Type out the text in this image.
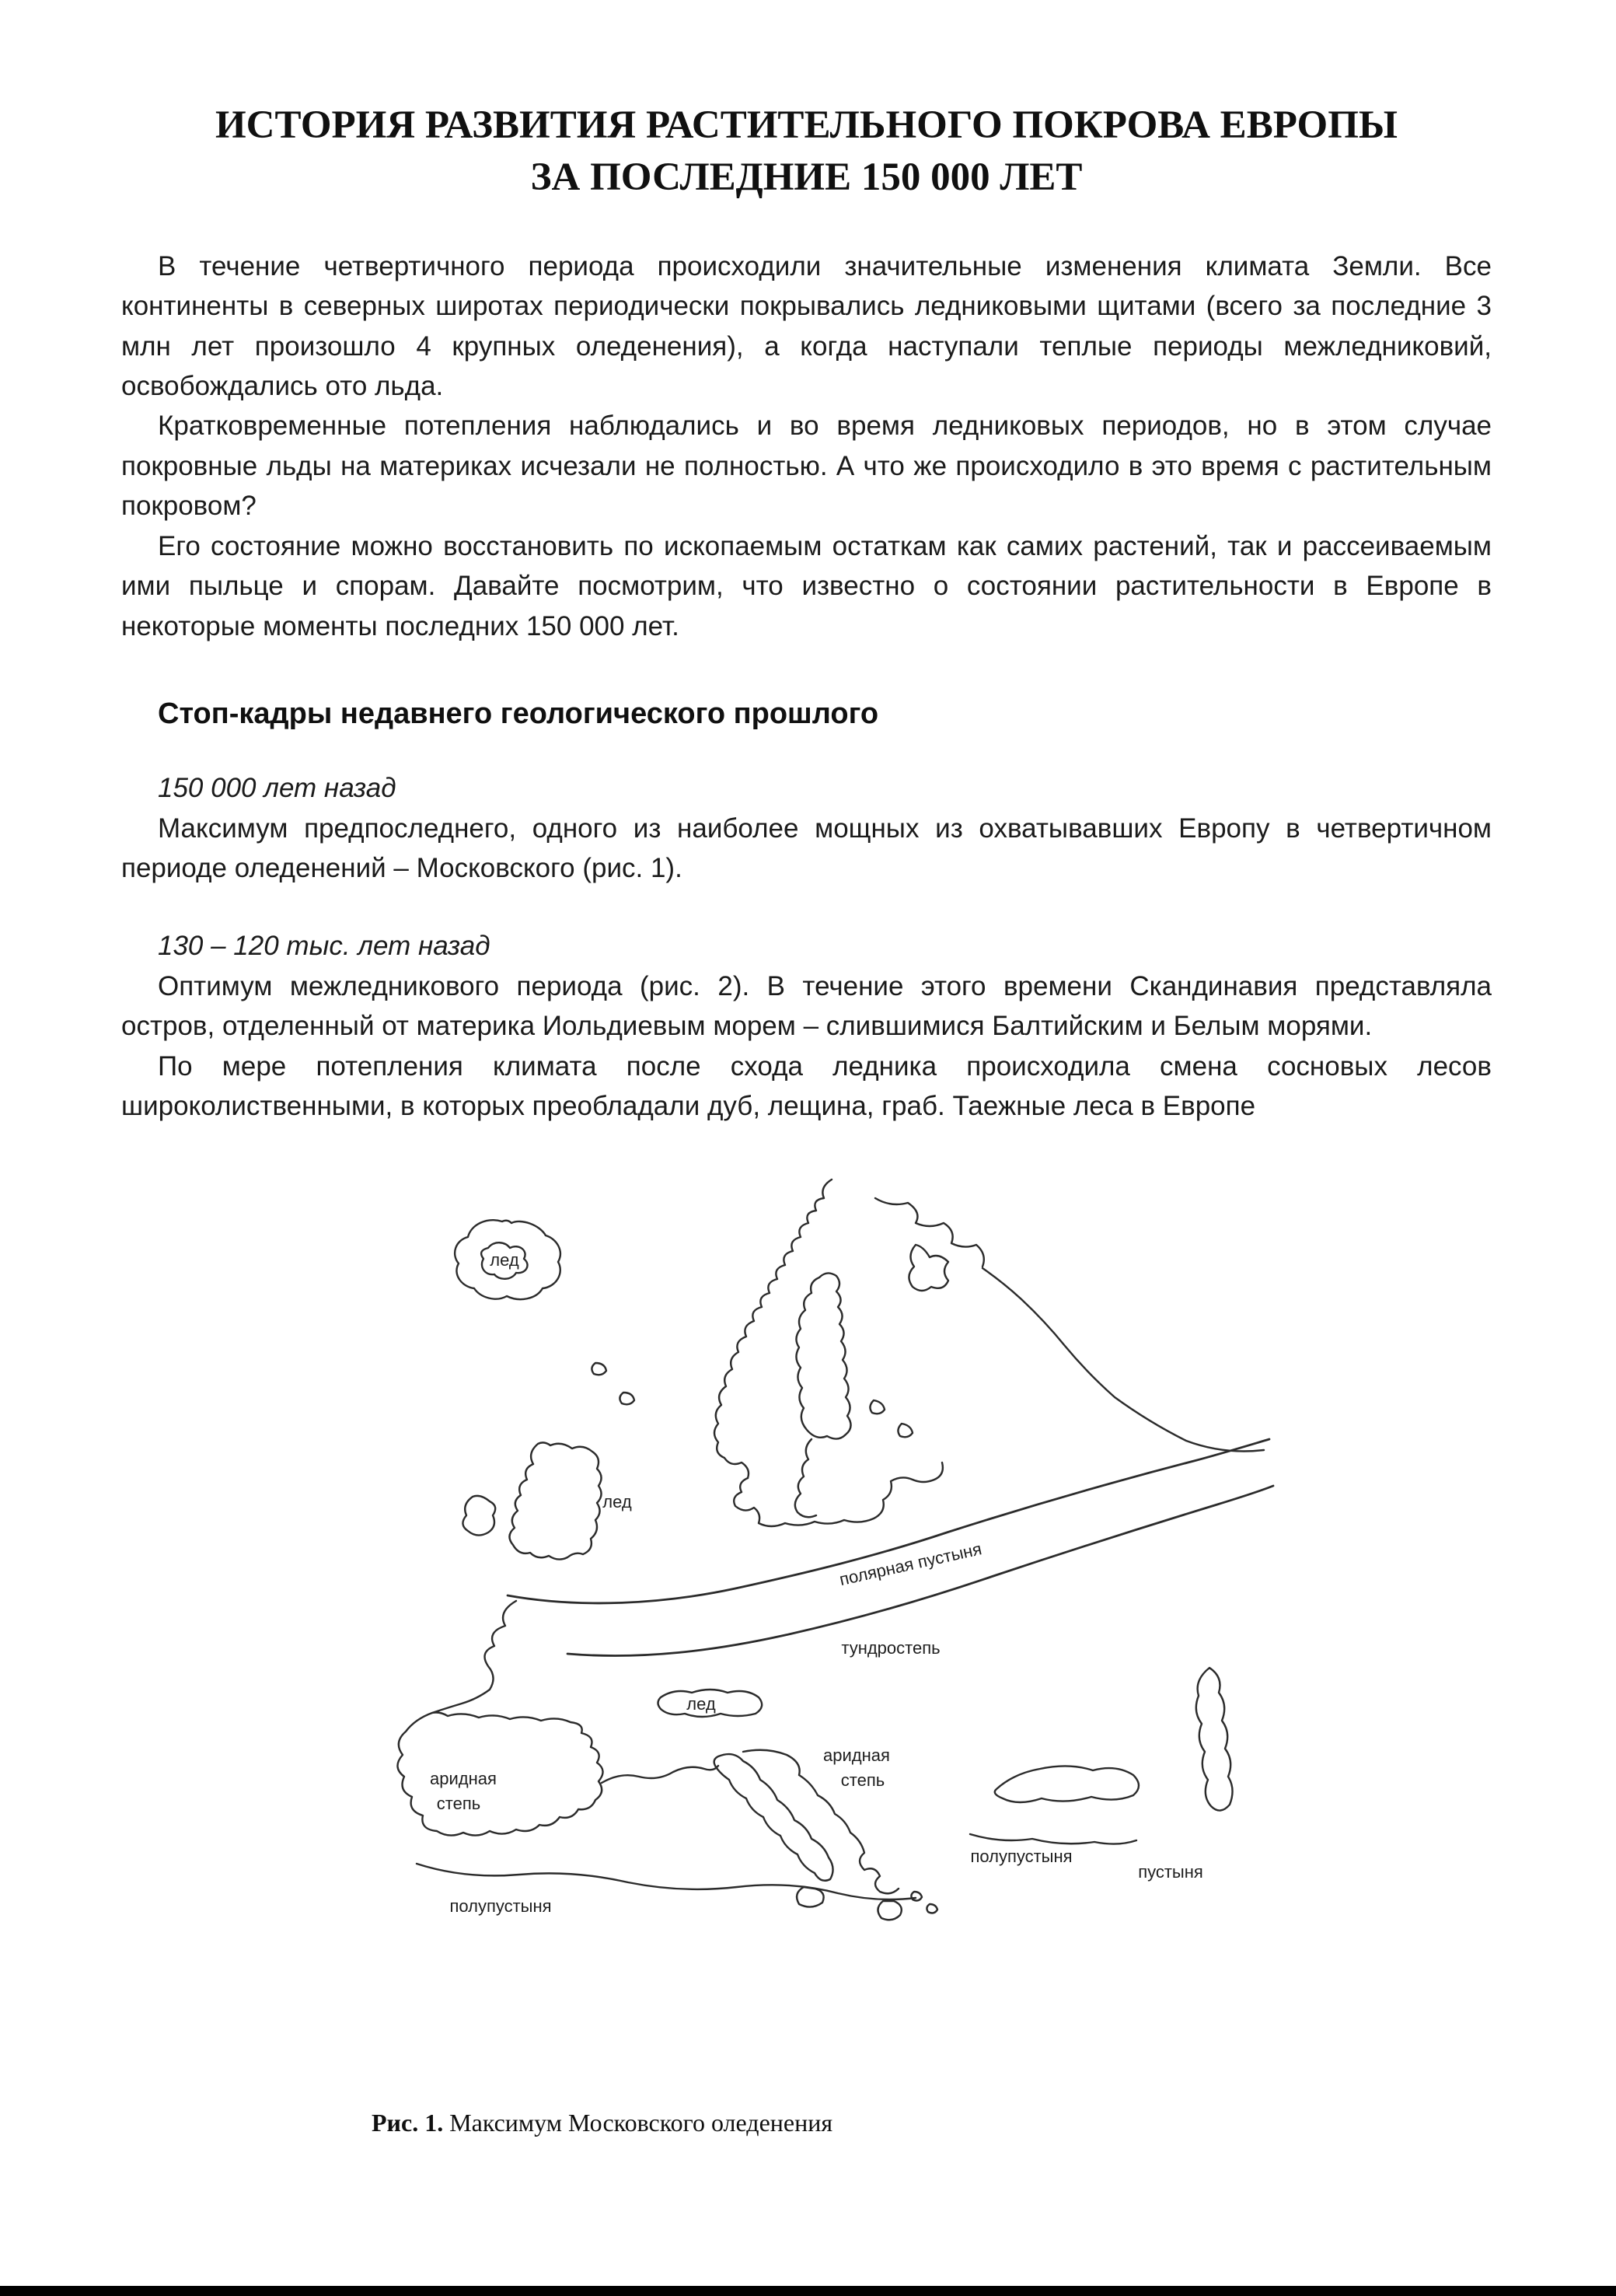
ИСТОРИЯ РАЗВИТИЯ РАСТИТЕЛЬНОГО ПОКРОВА ЕВРОПЫ
ЗА ПОСЛЕДНИЕ 150 000 ЛЕТ

В течение четвертичного периода происходили значительные изменения климата Земли. Все континенты в северных широтах периодически покрывались ледниковыми щитами (всего за последние 3 млн лет произошло 4 крупных оледенения), а когда наступали теплые периоды межледниковий, освобождались ото льда.

Кратковременные потепления наблюдались и во время ледниковых периодов, но в этом случае покровные льды на материках исчезали не полностью. А что же происходило в это время с растительным покровом?

Его состояние можно восстановить по ископаемым остаткам как самих растений, так и рассеиваемым ими пыльце и спорам. Давайте посмотрим, что известно о состоянии растительности в Европе в некоторые моменты последних 150 000 лет.

Стоп-кадры недавнего геологического прошлого
150 000 лет назад

Максимум предпоследнего, одного из наиболее мощных из охватывавших Европу в четвертичном периоде оледенений – Московского (рис. 1).

130 – 120 тыс. лет назад

Оптимум межледникового периода (рис. 2). В течение этого времени Скандинавия представляла остров, отделенный от материка Иольдиевым морем – слившимися Балтийским и Белым морями.

По мере потепления климата после схода ледника происходила смена сосновых лесов широколиственными, в которых преобладали дуб, лещина, граб. Таежные леса в Европе

лед
лед
полярная пустыня
тундростепь
лед
аридная
степь
аридная
степь
полупустыня
полупустыня
пустыня
Рис. 1. Максимум Московского оледенения
